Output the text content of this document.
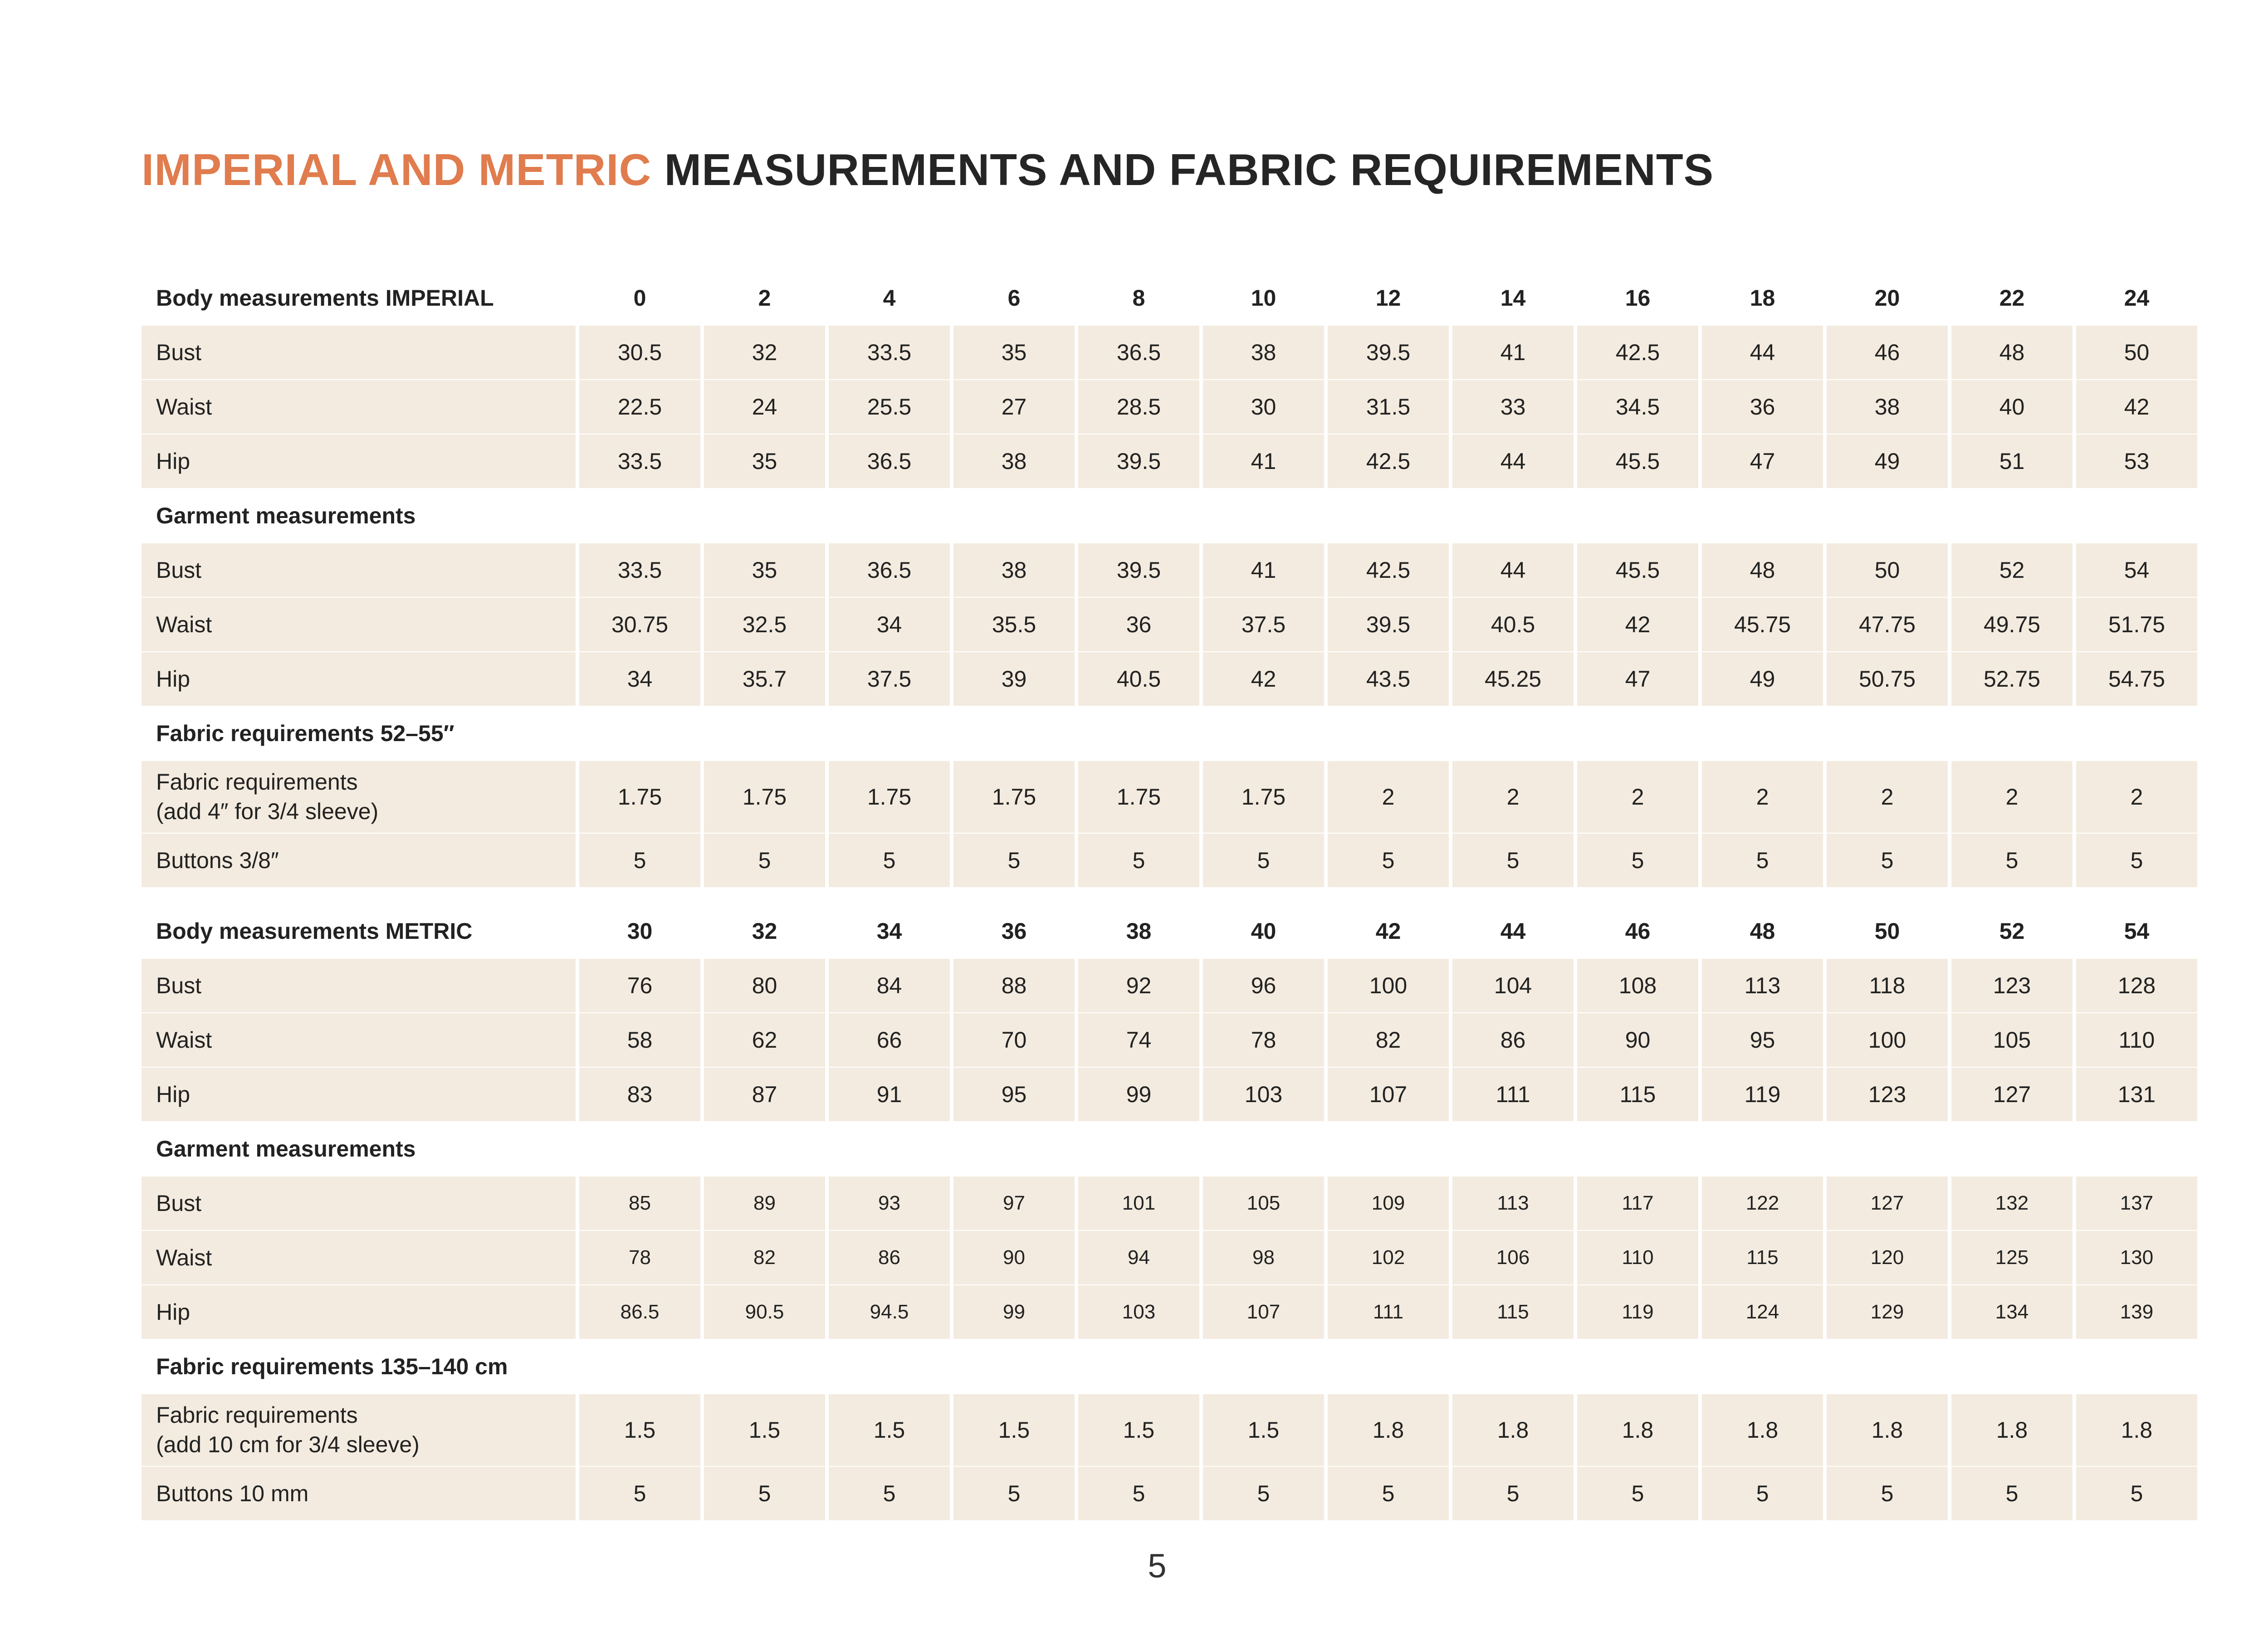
IMPERIAL AND METRIC MEASUREMENTS AND FABRIC REQUIREMENTS
Body measurements IMPERIAL	0	2	4	6	8	10	12	14	16	18	20	22	24
Bust	30.5	32	33.5	35	36.5	38	39.5	41	42.5	44	46	48	50
Waist	22.5	24	25.5	27	28.5	30	31.5	33	34.5	36	38	40	42
Hip	33.5	35	36.5	38	39.5	41	42.5	44	45.5	47	49	51	53
Garment measurements
Bust	33.5	35	36.5	38	39.5	41	42.5	44	45.5	48	50	52	54
Waist	30.75	32.5	34	35.5	36	37.5	39.5	40.5	42	45.75	47.75	49.75	51.75
Hip	34	35.7	37.5	39	40.5	42	43.5	45.25	47	49	50.75	52.75	54.75
Fabric requirements 52–55″
Fabric requirements
(add 4″ for 3/4 sleeve)
1.75	1.75	1.75	1.75	1.75	1.75	2	2	2	2	2	2	2
Buttons 3/8″	5	5	5	5	5	5	5	5	5	5	5	5	5
Body measurements METRIC	30	32	34	36	38	40	42	44	46	48	50	52	54
Bust	76	80	84	88	92	96	100	104	108	113	118	123	128
Waist	58	62	66	70	74	78	82	86	90	95	100	105	110
Hip	83	87	91	95	99	103	107	111	115	119	123	127	131
Garment measurements
Bust	85	89	93	97	101	105	109	113	117	122	127	132	137
Waist	78	82	86	90	94	98	102	106	110	115	120	125	130
Hip	86.5	90.5	94.5	99	103	107	111	115	119	124	129	134	139
Fabric requirements 135–140 cm
Fabric requirements
(add 10 cm for 3/4 sleeve)
1.5	1.5	1.5	1.5	1.5	1.5	1.8	1.8	1.8	1.8	1.8	1.8	1.8
Buttons 10 mm	5	5	5	5	5	5	5	5	5	5	5	5	5
5
